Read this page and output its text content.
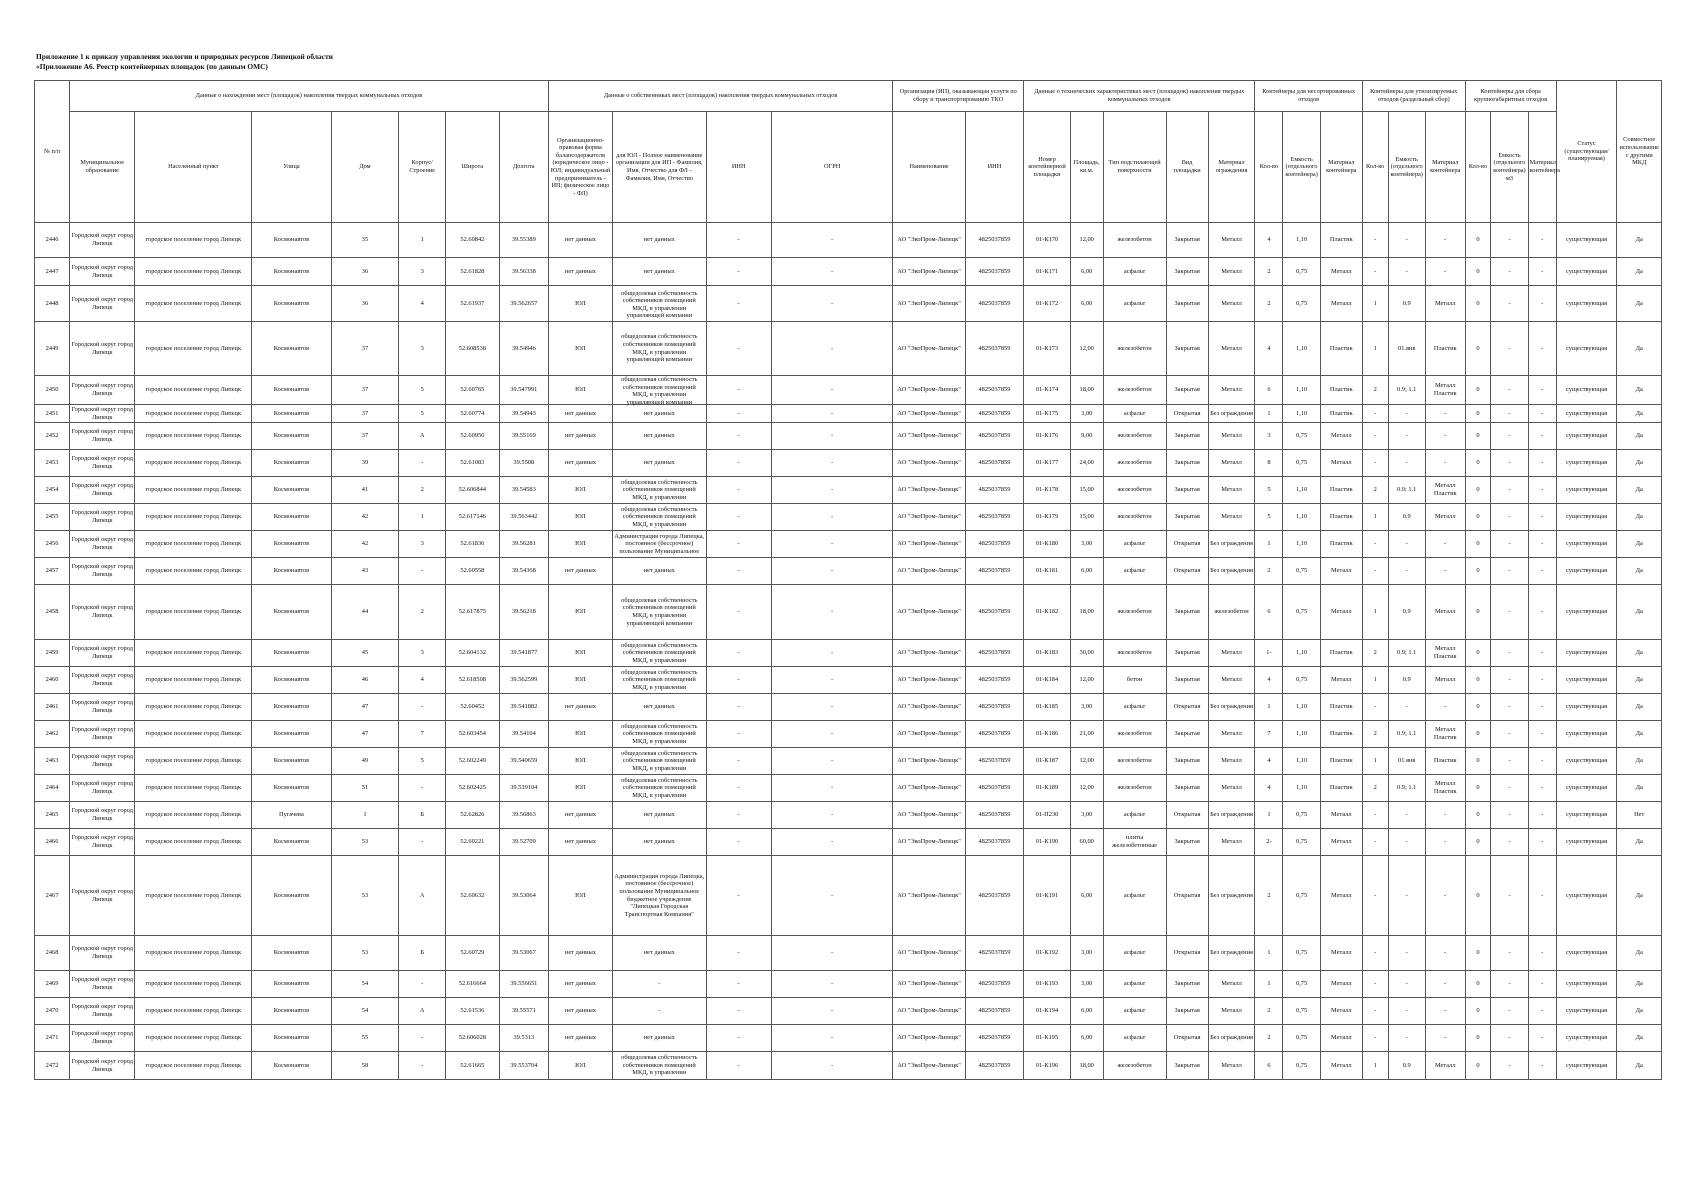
Приложение 1 к приказу управления экологии и природных ресурсов Липецкой области
«Приложение А6. Реестр контейнерных площадок (по данным ОМС)
№ п/п	Данные о нахождении мест (площадок) накопления твердых коммунальных отходов							Данные о собственниках мест (площадок) накопления твердых коммунальных отходов				Организация (ИП), оказывающая услуги по сбору и транспортированию ТКО		Данные о технических характеристиках мест (площадок) накопления твердых коммунальных отходов					Контейнеры для несортированных отходов			Контейнеры для утилизируемых отходов (раздельный сбор)			Контейнеры для сбора крупногабаритных отходов			Статус (существующая/планируемая)	Совместное использование с другими МКД
	Муниципальное образование	Населенный пункт	Улица	Дом	Корпус/Строение	Широта	Долгота	Организационно-правовая форма балансодержателя (юридическое лицо - ЮЛ; индивидуальный предприниматель - ИП; физическое лицо - ФЛ)	для ЮЛ - Полное наименование организации для ИП - Фамилия, Имя, Отчество для ФЛ - Фамилия, Имя, Отчество	ИНН	ОГРН	Наименование	ИНН	Номер контейнерной площадки	Площадь, кв.м.	Тип подстилающей поверхности	Вид площадки	Материал ограждения	Кол-во	Емкость (отдельного контейнера)	Материал контейнера	Кол-во	Емкость (отдельного контейнера)	Материал контейнера	Кол-во	Емкость (отдельного контейнера) м3	Материал контейнера		
2446	Городской округ город Липецк	городское поселение город Липецк	Космонавтов	35	1	52.60842	39.55389	нет данных	нет данных	-	-	АО "ЭкоПром-Липецк"	4825037859	01-К170	12,00	железобетон	Закрытая	Металл	4	1,10	Пластик	-	-	-	0	-	-	существующая	Да
2447	Городской округ город Липецк	городское поселение город Липецк	Космонавтов	36	3	52.61828	39.56338	нет данных	нет данных	-	-	АО "ЭкоПром-Липецк"	4825037859	01-К171	6,00	асфальт	Закрытая	Металл	2	0,75	Металл	-	-	-	0	-	-	существующая	Да
2448	Городской округ город Липецк	городское поселение город Липецк	Космонавтов	36	4	52.61937	39.562657	ЮЛ	общедолевая собственность собственников помещений МКД, в управлении управляющей компании	-	-	АО "ЭкоПром-Липецк"	4825037859	01-К172	6,00	асфальт	Закрытая	Металл	2	0,75	Металл	1	0.9	Металл	0	-	-	существующая	Да
2449	Городской округ город Липецк	городское поселение город Липецк	Космонавтов	37	3	52.608538	39.54946	ЮЛ	общедолевая собственность собственников помещений МКД, в управлении управляющей компании	-	-	АО "ЭкоПром-Липецк"	4825037859	01-К173	12,00	железобетон	Закрытая	Металл	4	1,10	Пластик	1	01.янв	Пластик	0	-	-	существующая	Да
2450	Городской округ город Липецк	городское поселение город Липецк	Космонавтов	37	5	52.60765	39.547991	ЮЛ	общедолевая собственность собственников помещений МКД, в управлении управляющей компании	-	-	АО "ЭкоПром-Липецк"	4825037859	01-К174	18,00	железобетон	Закрытая	Металл	6	1,10	Пластик	2	0.9; 1.1	Металл Пластик	0	-	-	существующая	Да
2451	Городской округ город Липецк	городское поселение город Липецк	Космонавтов	37	5	52.60774	39.54943	нет данных	нет данных	-	-	АО "ЭкоПром-Липецк"	4825037859	01-К175	3,00	асфальт	Открытая	Без ограждения	1	1,10	Пластик	-	-	-	0	-	-	существующая	Да
2452	Городской округ город Липецк	городское поселение город Липецк	Космонавтов	37	А	52.60956	39.55169	нет данных	нет данных	-	-	АО "ЭкоПром-Липецк"	4825037859	01-К176	9,00	железобетон	Закрытая	Металл	3	0,75	Металл	-	-	-	0	-	-	существующая	Да
2453	Городской округ город Липецк	городское поселение город Липецк	Космонавтов	39	-	52.61083	39.5508	нет данных	нет данных	-	-	АО "ЭкоПром-Липецк"	4825037859	01-К177	24,00	железобетон	Закрытая	Металл	8	0,75	Металл	-	-	-	0	-	-	существующая	Да
2454	Городской округ город Липецк	городское поселение город Липецк	Космонавтов	41	2	52.606844	39.54583	ЮЛ	общедолевая собственность собственников помещений МКД, в управлении	-	-	АО "ЭкоПром-Липецк"	4825037859	01-К178	15,00	железобетон	Закрытая	Металл	5	1,10	Пластик	2	0.9; 1.1	Металл Пластик	0	-	-	существующая	Да
2455	Городской округ город Липецк	городское поселение город Липецк	Космонавтов	42	1	52.617146	39.563442	ЮЛ	общедолевая собственность собственников помещений МКД, в управлении	-	-	АО "ЭкоПром-Липецк"	4825037859	01-К179	15,00	железобетон	Закрытая	Металл	5	1,10	Пластик	1	0.9	Металл	0	-	-	существующая	Да
2456	Городской округ город Липецк	городское поселение город Липецк	Космонавтов	42	3	52.61836	39.56281	ЮЛ	Администрация города Липецка, постоянное (бессрочное) пользование Муниципальное	-	-	АО "ЭкоПром-Липецк"	4825037859	01-К180	3,00	асфальт	Открытая	Без ограждения	1	1,10	Пластик	-	-	-	0	-	-	существующая	Да
2457	Городской округ город Липецк	городское поселение город Липецк	Космонавтов	43	-	52.60558	39.54368	нет данных	нет данных	-	-	АО "ЭкоПром-Липецк"	4825037859	01-К181	6,00	асфальт	Открытая	Без ограждения	2	0,75	Металл	-	-	-	0	-	-	существующая	Да
2458	Городской округ город Липецк	городское поселение город Липецк	Космонавтов	44	2	52.617875	39.56218	ЮЛ	общедолевая собственность собственников помещений МКД, в управлении управляющей компании	-	-	АО "ЭкоПром-Липецк"	4825037859	01-К182	18,00	железобетон	Закрытая	железобетон	6	0,75	Металл	1	0.9	Металл	0	-	-	существующая	Да
2459	Городской округ город Липецк	городское поселение город Липецк	Космонавтов	45	3	52.604132	39.541877	ЮЛ	общедолевая собственность собственников помещений МКД, в управлении	-	-	АО "ЭкоПром-Липецк"	4825037859	01-К183	30,00	железобетон	Закрытая	Металл	1-	1,10	Пластик	2	0.9; 1.1	Металл Пластик	0	-	-	существующая	Да
2460	Городской округ город Липецк	городское поселение город Липецк	Космонавтов	46	4	52.618508	39.562599	ЮЛ	общедолевая собственность собственников помещений МКД, в управлении	-	-	АО "ЭкоПром-Липецк"	4825037859	01-К184	12,00	бетон	Закрытая	Металл	4	0,75	Металл	1	0.9	Металл	0	-	-	существующая	Да
2461	Городской округ город Липецк	городское поселение город Липецк	Космонавтов	47	-	52.60452	39.541882	нет данных	нет данных	-	-	АО "ЭкоПром-Липецк"	4825037859	01-К185	3,00	асфальт	Открытая	Без ограждения	1	1,10	Пластик	-	-	-	0	-	-	существующая	Да
2462	Городской округ город Липецк	городское поселение город Липецк	Космонавтов	47	7	52.603454	39.54104	ЮЛ	общедолевая собственность собственников помещений МКД, в управлении	-	-	АО "ЭкоПром-Липецк"	4825037859	01-К186	21,00	железобетон	Закрытая	Металл	7	1,10	Пластик	2	0.9; 1.1	Металл Пластик	0	-	-	существующая	Да
2463	Городской округ город Липецк	городское поселение город Липецк	Космонавтов	49	5	52.602249	39.540659	ЮЛ	общедолевая собственность собственников помещений МКД, в управлении	-	-	АО "ЭкоПром-Липецк"	4825037859	01-К187	12,00	железобетон	Закрытая	Металл	4	1,10	Пластик	1	01.янв	Пластик	0	-	-	существующая	Да
2464	Городской округ город Липецк	городское поселение город Липецк	Космонавтов	51	-	52.602425	39.539104	ЮЛ	общедолевая собственность собственников помещений МКД, в управлении	-	-	АО "ЭкоПром-Липецк"	4825037859	01-К189	12,00	железобетон	Закрытая	Металл	4	1,10	Пластик	2	0.9; 1.1	Металл Пластик	0	-	-	существующая	Да
2465	Городской округ город Липецк	городское поселение город Липецк	Пугачева	1	Б	52.62826	39.56863	нет данных	нет данных	-	-	АО "ЭкоПром-Липецк"	4825037859	01-П230	3,00	асфальт	Открытая	Без ограждения	1	0,75	Металл	-	-	-	0	-	-	существующая	Нет
2466	Городской округ город Липецк	городское поселение город Липецк	Космонавтов	53	-	52.60221	39.52709	нет данных	нет данных	-	-	АО "ЭкоПром-Липецк"	4825037859	01-К190	60,00	плиты железобетонные	Закрытая	Металл	2-	0,75	Металл	-	-	-	0	-	-	существующая	Да
2467	Городской округ город Липецк	городское поселение город Липецк	Космонавтов	53	А	52.60632	39.53064	ЮЛ	Администрация города Липецка, постоянное (бессрочное) пользование Муниципальное бюджетное учреждение "Липецкая Городская Транспортная Компания"	-	-	АО "ЭкоПром-Липецк"	4825037859	01-К191	6,00	асфальт	Открытая	Без ограждения	2	0,75	Металл	-	-	-	0	-	-	существующая	Да
2468	Городской округ город Липецк	городское поселение город Липецк	Космонавтов	53	Б	52.60729	39.53067	нет данных	нет данных	-	-	АО "ЭкоПром-Липецк"	4825037859	01-К192	3,00	асфальт	Открытая	Без ограждения	1	0,75	Металл	-	-	-	0	-	-	существующая	Да
2469	Городской округ город Липецк	городское поселение город Липецк	Космонавтов	54	-	52.616664	39.556651	нет данных	-	-	-	АО "ЭкоПром-Липецк"	4825037859	01-К193	3,00	асфальт	Закрытая	Металл	1	0,75	Металл	-	-	-	0	-	-	существующая	Да
2470	Городской округ город Липецк	городское поселение город Липецк	Космонавтов	54	А	52.61536	39.55571	нет данных	-	-	-	АО "ЭкоПром-Липецк"	4825037859	01-К194	6,00	асфальт	Закрытая	Металл	2	0,75	Металл	-	-	-	0	-	-	существующая	Да
2471	Городской округ город Липецк	городское поселение город Липецк	Космонавтов	55	-	52.606028	39.5313	нет данных	нет данных	-	-	АО "ЭкоПром-Липецк"	4825037859	01-К195	6,00	асфальт	Открытая	Без ограждения	2	0,75	Металл	-	-	-	0	-	-	существующая	Да
2472	Городской округ город Липецк	городское поселение город Липецк	Космонавтов	58	-	52.61665	39.553704	ЮЛ	общедолевая собственность собственников помещений МКД, в управлении	-	-	АО "ЭкоПром-Липецк"	4825037859	01-К196	18,00	железобетон	Закрытая	Металл	6	0,75	Металл	1	0.9	Металл	0	-	-	существующая	Да
